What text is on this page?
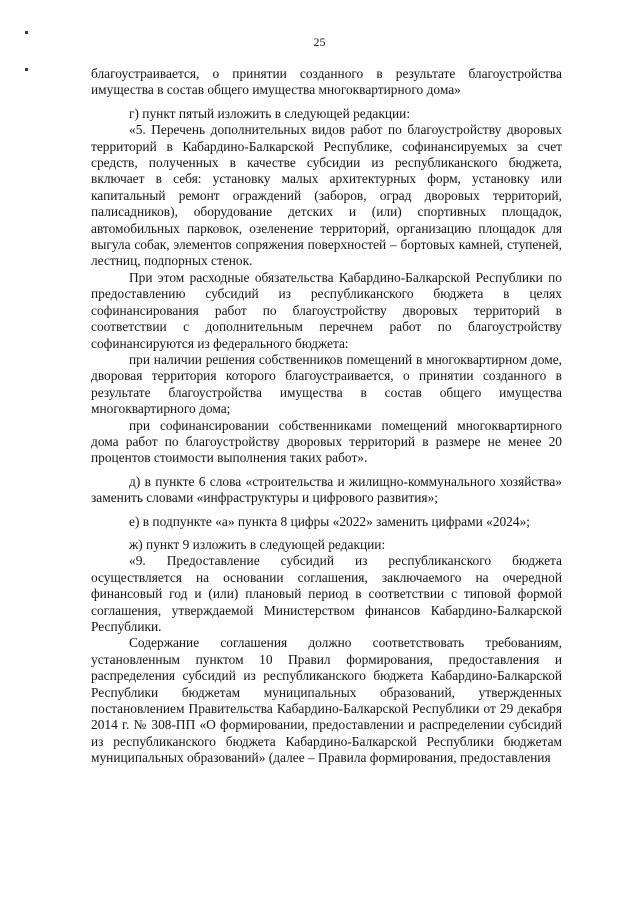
25

благоустраивается, о принятии созданного в результате благоустройства имущества в состав общего имущества многоквартирного дома»

г) пункт пятый изложить в следующей редакции:

«5. Перечень дополнительных видов работ по благоустройству дворовых территорий в Кабардино-Балкарской Республике, софинансируемых за счет средств, полученных в качестве субсидии из республиканского бюджета, включает в себя: установку малых архитектурных форм, установку или капитальный ремонт ограждений (заборов, оград дворовых территорий, палисадников), оборудование детских и (или) спортивных площадок, автомобильных парковок, озеленение территорий, организацию площадок для выгула собак, элементов сопряжения поверхностей – бортовых камней, ступеней, лестниц, подпорных стенок.

При этом расходные обязательства Кабардино-Балкарской Республики по предоставлению субсидий из республиканского бюджета в целях софинансирования работ по благоустройству дворовых территорий в соответствии с дополнительным перечнем работ по благоустройству софинансируются из федерального бюджета:

при наличии решения собственников помещений в многоквартирном доме, дворовая территория которого благоустраивается, о принятии созданного в результате благоустройства имущества в состав общего имущества многоквартирного дома;

при софинансировании собственниками помещений многоквартирного дома работ по благоустройству дворовых территорий в размере не менее 20 процентов стоимости выполнения таких работ».

д) в пункте 6 слова «строительства и жилищно-коммунального хозяйства» заменить словами «инфраструктуры и цифрового развития»;

е) в подпункте «а» пункта 8 цифры «2022» заменить цифрами «2024»;

ж) пункт 9 изложить в следующей редакции:

«9. Предоставление субсидий из республиканского бюджета осуществляется на основании соглашения, заключаемого на очередной финансовый год и (или) плановый период в соответствии с типовой формой соглашения, утверждаемой Министерством финансов Кабардино-Балкарской Республики.

Содержание соглашения должно соответствовать требованиям, установленным пунктом 10 Правил формирования, предоставления и распределения субсидий из республиканского бюджета Кабардино-Балкарской Республики бюджетам муниципальных образований, утвержденных постановлением Правительства Кабардино-Балкарской Республики от 29 декабря 2014 г. № 308-ПП «О формировании, предоставлении и распределении субсидий из республиканского бюджета Кабардино-Балкарской Республики бюджетам муниципальных образований» (далее – Правила формирования, предоставления
